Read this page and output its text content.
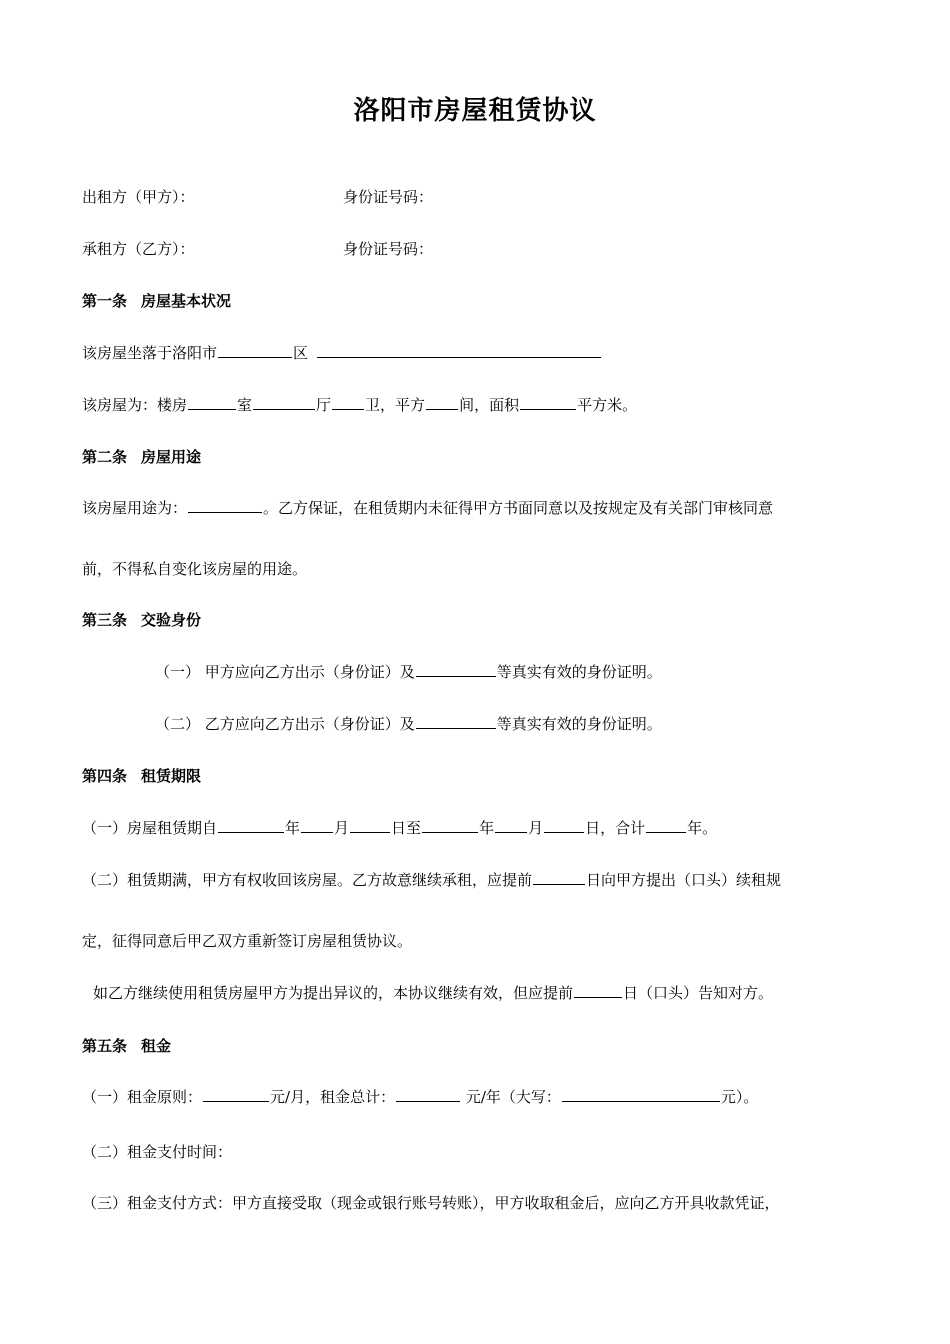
洛阳市房屋租赁协议
出租方（甲方）：	身份证号码：
承租方（乙方）：	身份证号码：
第一条 房屋基本状况
该房屋坐落于洛阳市	区
该房屋为：楼房	室	厅 卫，平方 间，面积	平方米。
第二条 房屋用途
该房屋用途为：	。乙方保证，在租赁期内未征得甲方书面同意以及按规定及有关部门审核同意
前，不得私自变化该房屋的用途。
第三条 交验身份
（一） 甲方应向乙方出示（身份证）及	等真实有效的身份证明。
（二） 乙方应向乙方出示（身份证）及	等真实有效的身份证明。
第四条 租赁期限
（一）房屋租赁期自	年 月	日至	年 月	日，合计	年。
（二）租赁期满，甲方有权收回该房屋。乙方故意继续承租，应提前	日向甲方提出（口头）续租规
定，征得同意后甲乙双方重新签订房屋租赁协议。
如乙方继续使用租赁房屋甲方为提出异议的，本协议继续有效，但应提前	日（口头）告知对方。
第五条 租金
（一）租金原则：	元/月，租金总计：	元/年（大写：	元）。
（二）租金支付时间：
（三）租金支付方式：甲方直接受取（现金或银行账号转账），甲方收取租金后，应向乙方开具收款凭证，
